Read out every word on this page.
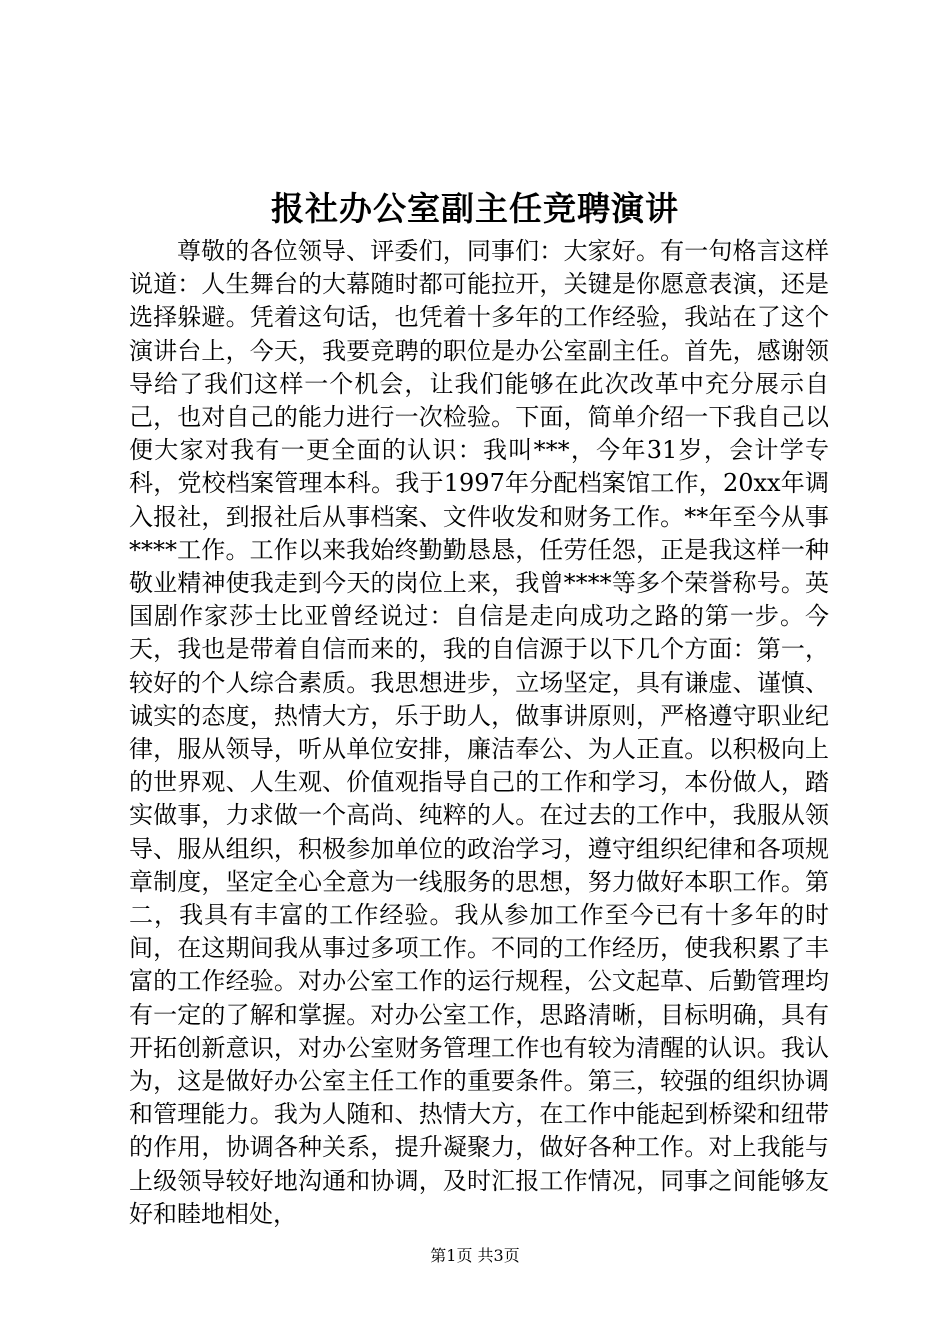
报社办公室副主任竞聘演讲

尊敬的各位领导、评委们，同事们：大家好。有一句格言这样说道：人生舞台的大幕随时都可能拉开，关键是你愿意表演，还是选择躲避。凭着这句话，也凭着十多年的工作经验，我站在了这个演讲台上，今天，我要竞聘的职位是办公室副主任。首先，感谢领导给了我们这样一个机会，让我们能够在此次改革中充分展示自己，也对自己的能力进行一次检验。下面，简单介绍一下我自己以便大家对我有一更全面的认识：我叫***，今年31岁，会计学专科，党校档案管理本科。我于1997年分配档案馆工作，20xx年调入报社，到报社后从事档案、文件收发和财务工作。**年至今从事****工作。工作以来我始终勤勤恳恳，任劳任怨，正是我这样一种敬业精神使我走到今天的岗位上来，我曾****等多个荣誉称号。英国剧作家莎士比亚曾经说过：自信是走向成功之路的第一步。今天，我也是带着自信而来的，我的自信源于以下几个方面：第一，较好的个人综合素质。我思想进步，立场坚定，具有谦虚、谨慎、诚实的态度，热情大方，乐于助人，做事讲原则，严格遵守职业纪律，服从领导，听从单位安排，廉洁奉公、为人正直。以积极向上的世界观、人生观、价值观指导自己的工作和学习，本份做人，踏实做事，力求做一个高尚、纯粹的人。在过去的工作中，我服从领导、服从组织，积极参加单位的政治学习，遵守组织纪律和各项规章制度，坚定全心全意为一线服务的思想，努力做好本职工作。第二，我具有丰富的工作经验。我从参加工作至今已有十多年的时间，在这期间我从事过多项工作。不同的工作经历，使我积累了丰富的工作经验。对办公室工作的运行规程，公文起草、后勤管理均有一定的了解和掌握。对办公室工作，思路清晰，目标明确，具有开拓创新意识，对办公室财务管理工作也有较为清醒的认识。我认为，这是做好办公室主任工作的重要条件。第三，较强的组织协调和管理能力。我为人随和、热情大方，在工作中能起到桥梁和纽带的作用，协调各种关系，提升凝聚力，做好各种工作。对上我能与上级领导较好地沟通和协调，及时汇报工作情况，同事之间能够友好和睦地相处，

第1页 共3页
